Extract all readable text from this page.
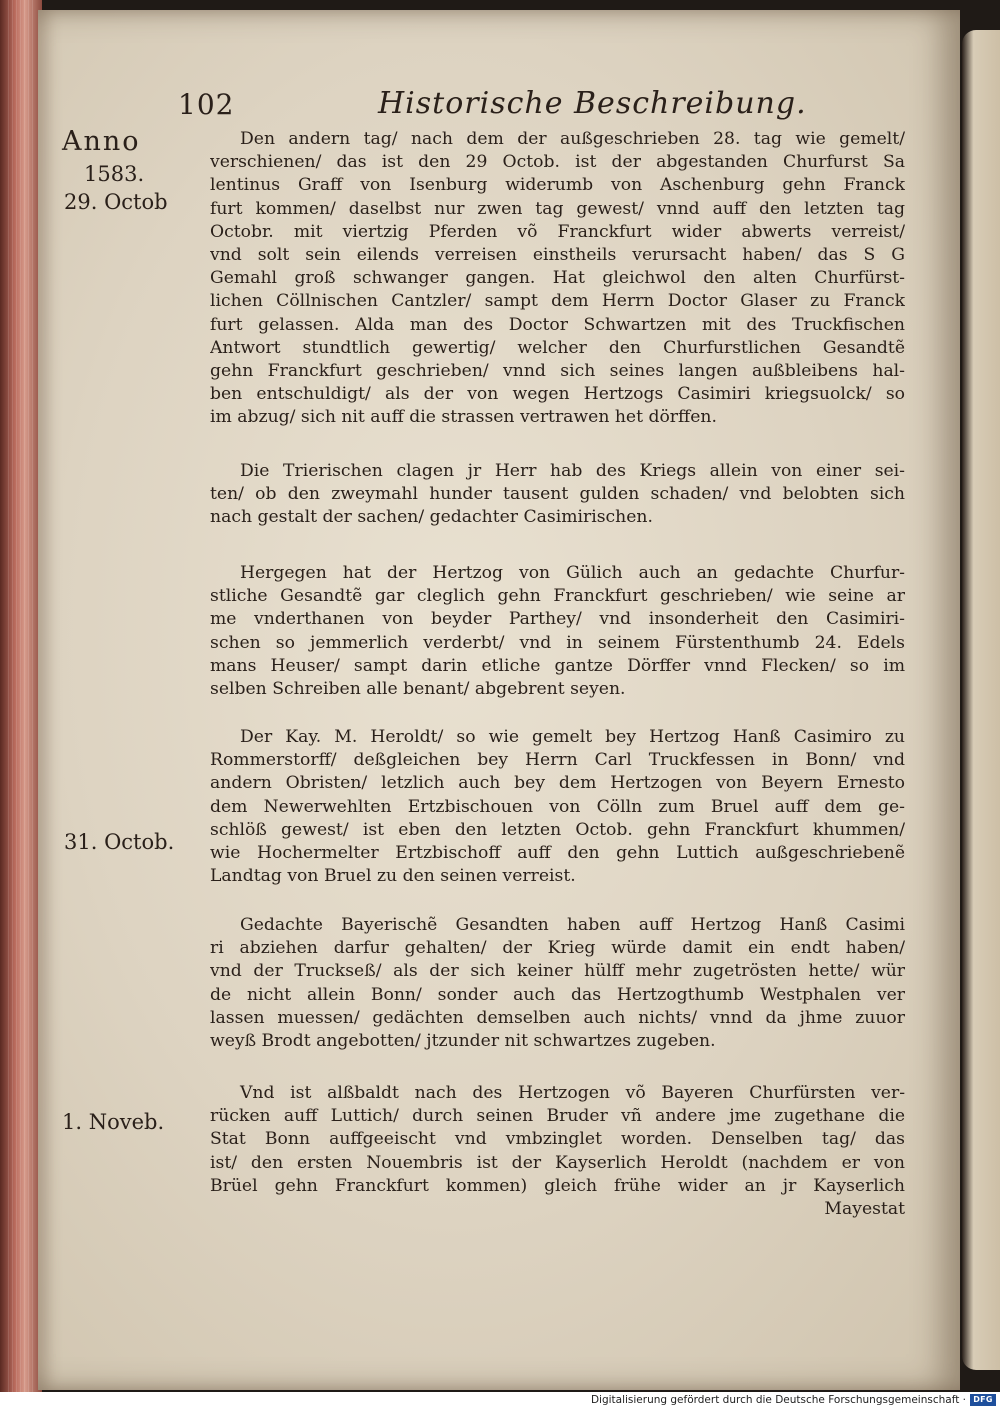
102	Historische Beschreibung.
Anno
1583.
29. Octob
31. Octob.
1. Noveb.
Den andern tag/ nach dem der außgeschrieben 28. tag wie gemelt/
verschienen/ das ist den 29 Octob. ist der abgestanden Churfurst Sa
lentinus Graff von Isenburg widerumb von Aschenburg gehn Franck
furt kommen/ daselbst nur zwen tag gewest/ vnnd auff den letzten tag
Octobr. mit viertzig Pferden võ Franckfurt wider abwerts verreist/
vnd solt sein eilends verreisen einstheils verursacht haben/ das S G
Gemahl groß schwanger gangen. Hat gleichwol den alten Churfürst-
lichen Cöllnischen Cantzler/ sampt dem Herrn Doctor Glaser zu Franck
furt gelassen. Alda man des Doctor Schwartzen mit des Truckfischen
Antwort stundtlich gewertig/ welcher den Churfurstlichen Gesandtẽ
gehn Franckfurt geschrieben/ vnnd sich seines langen außbleibens hal-
ben entschuldigt/ als der von wegen Hertzogs Casimiri kriegsuolck/ so
im abzug/ sich nit auff die strassen vertrawen het dörffen.
Die Trierischen clagen jr Herr hab des Kriegs allein von einer sei-
ten/ ob den zweymahl hunder tausent gulden schaden/ vnd belobten sich
nach gestalt der sachen/ gedachter Casimirischen.
Hergegen hat der Hertzog von Gülich auch an gedachte Churfur-
stliche Gesandtẽ gar cleglich gehn Franckfurt geschrieben/ wie seine ar
me vnderthanen von beyder Parthey/ vnd insonderheit den Casimiri-
schen so jemmerlich verderbt/ vnd in seinem Fürstenthumb 24. Edels
mans Heuser/ sampt darin etliche gantze Dörffer vnnd Flecken/ so im
selben Schreiben alle benant/ abgebrent seyen.
Der Kay. M. Heroldt/ so wie gemelt bey Hertzog Hanß Casimiro zu
Rommerstorff/ deßgleichen bey Herrn Carl Truckfessen in Bonn/ vnd
andern Obristen/ letzlich auch bey dem Hertzogen von Beyern Ernesto
dem Newerwehlten Ertzbischouen von Cölln zum Bruel auff dem ge-
schlöß gewest/ ist eben den letzten Octob. gehn Franckfurt khummen/
wie Hochermelter Ertzbischoff auff den gehn Luttich außgeschriebenẽ
Landtag von Bruel zu den seinen verreist.
Gedachte Bayerischẽ Gesandten haben auff Hertzog Hanß Casimi
ri abziehen darfur gehalten/ der Krieg würde damit ein endt haben/
vnd der Truckseß/ als der sich keiner hülff mehr zugetrösten hette/ wür
de nicht allein Bonn/ sonder auch das Hertzogthumb Westphalen ver
lassen muessen/ gedächten demselben auch nichts/ vnnd da jhme zuuor
weyß Brodt angebotten/ jtzunder nit schwartzes zugeben.
Vnd ist alßbaldt nach des Hertzogen võ Bayeren Churfürsten ver-
rücken auff Luttich/ durch seinen Bruder vñ andere jme zugethane die
Stat Bonn auffgeeischt vnd vmbzinglet worden. Denselben tag/ das
ist/ den ersten Nouembris ist der Kayserlich Heroldt (nachdem er von
Brüel gehn Franckfurt kommen) gleich frühe wider an jr Kayserlich
Mayestat
Digitalisierung gefördert durch die Deutsche Forschungsgemeinschaft · DFG
